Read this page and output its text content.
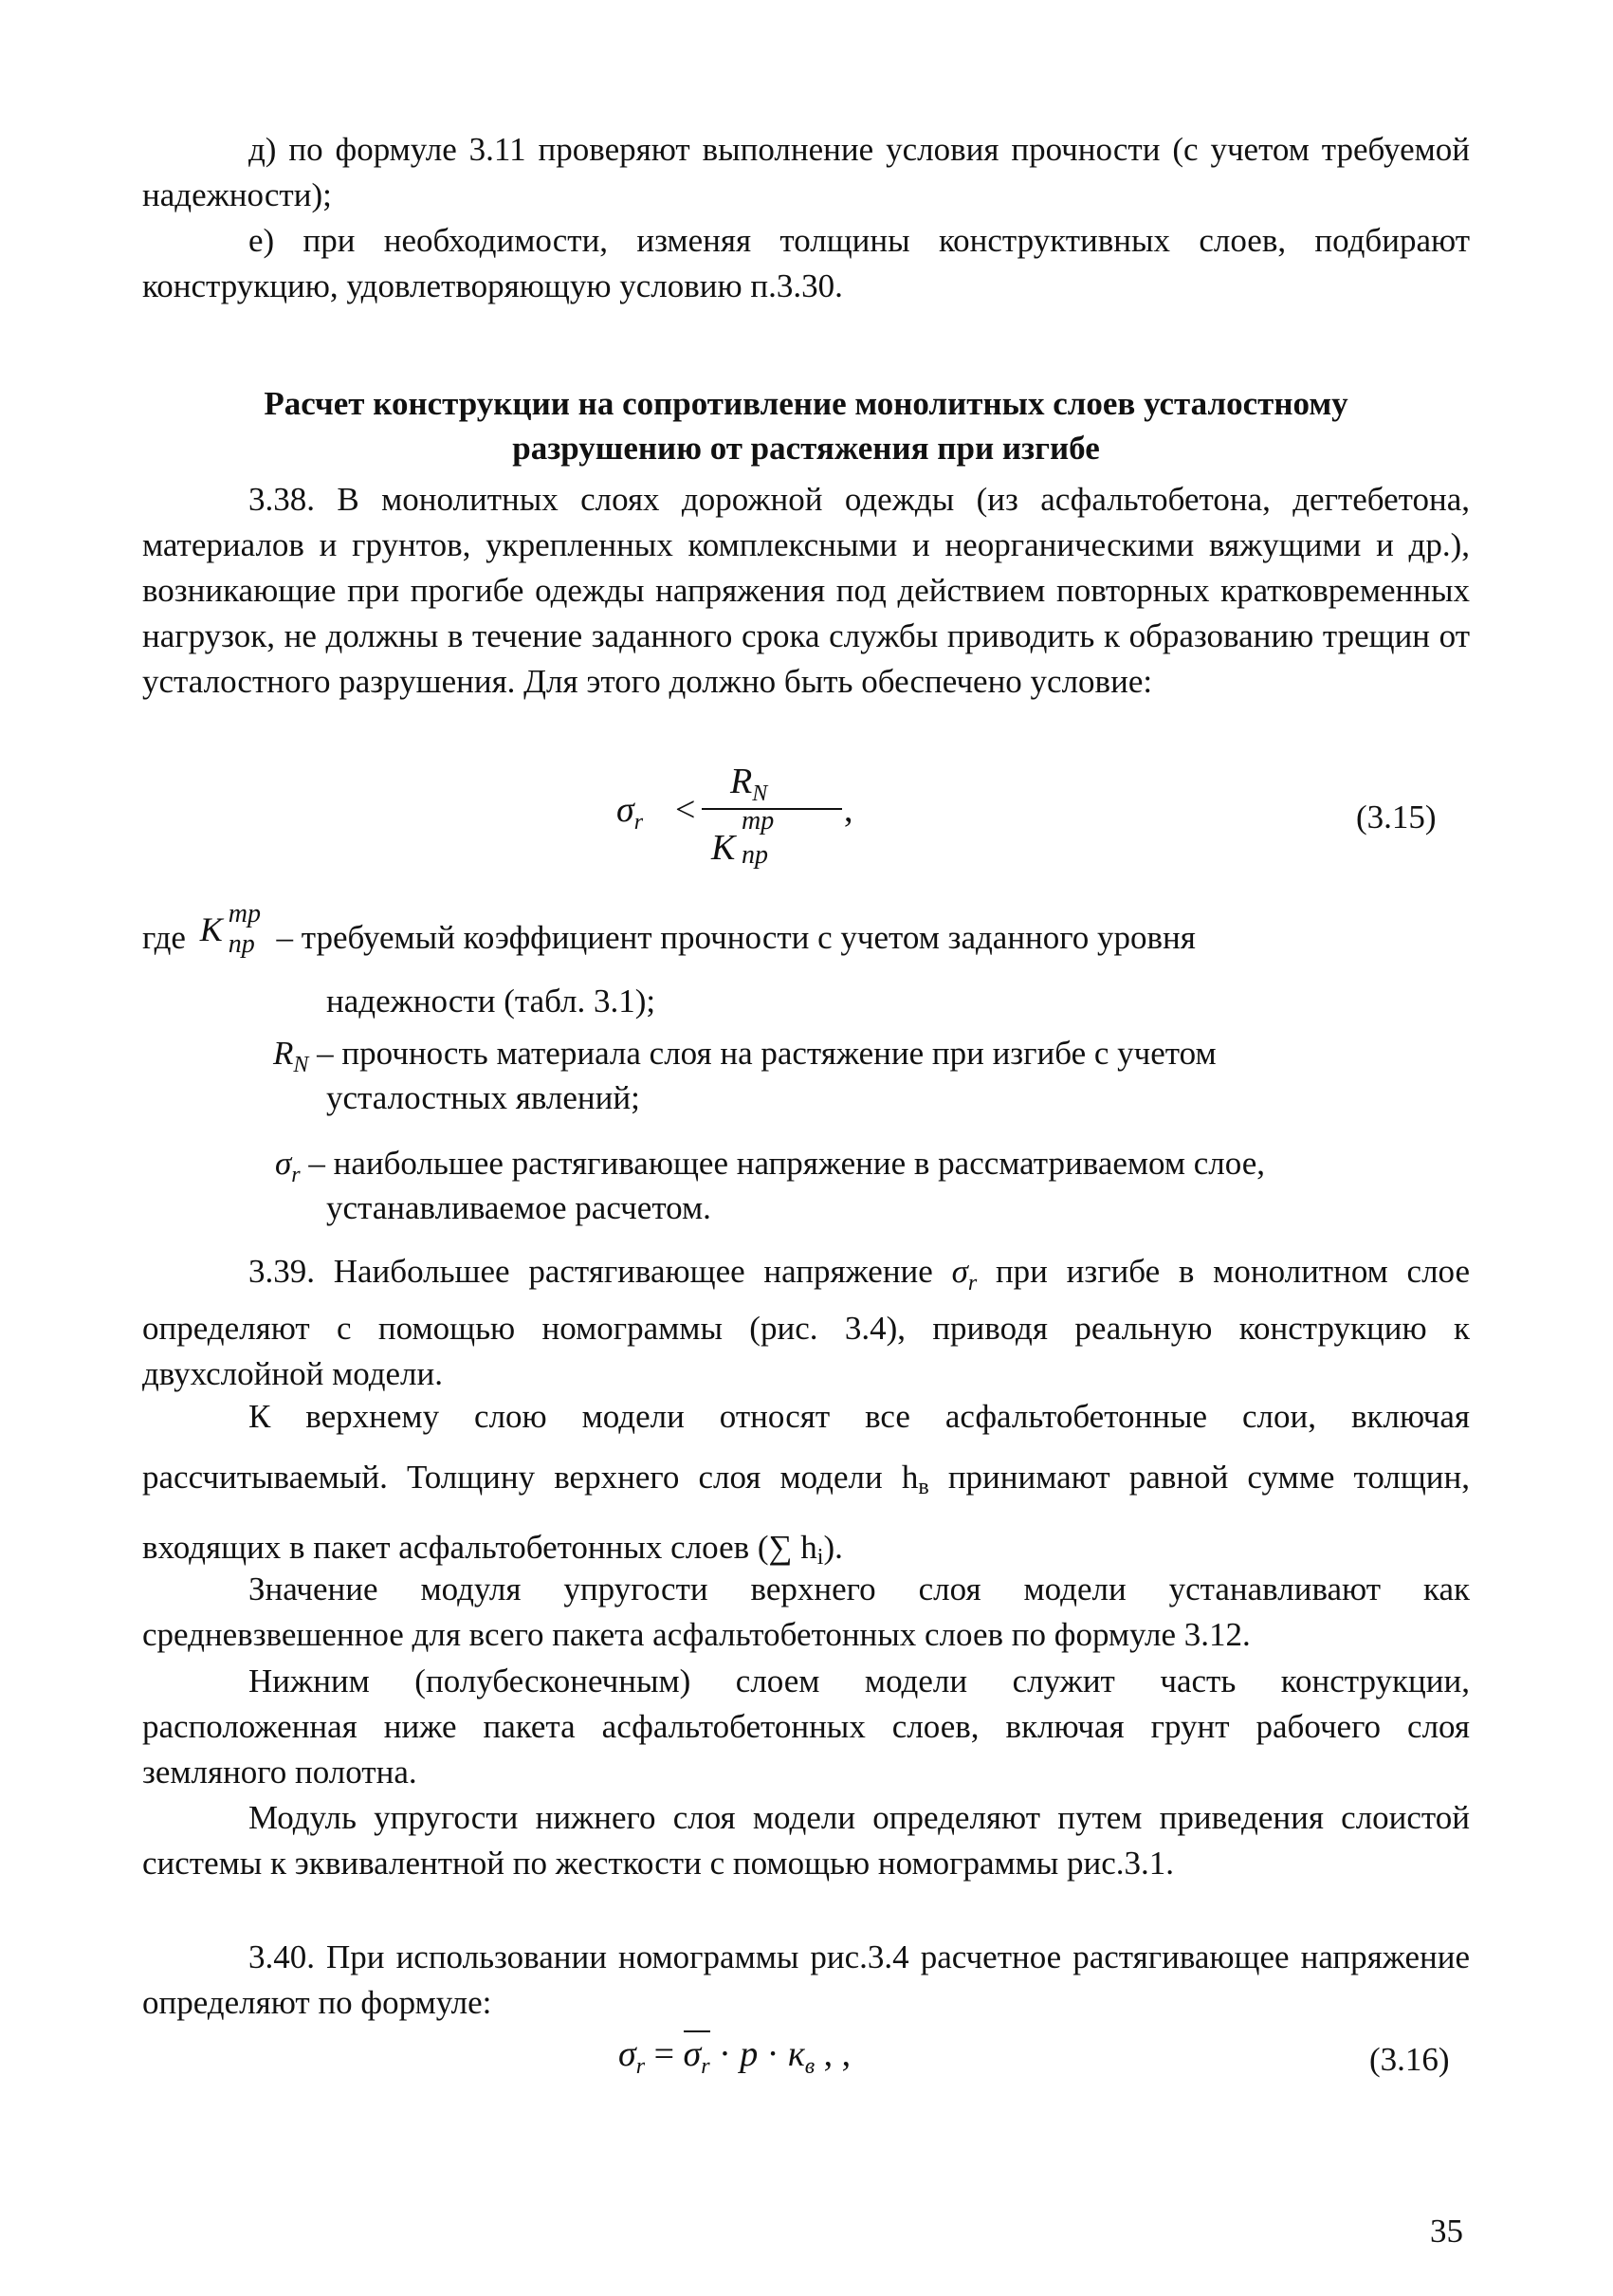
д) по формуле 3.11 проверяют выполнение условия прочности (с учетом требуемой надежности);
е) при необходимости, изменяя толщины конструктивных слоев, подбирают конструкцию, удовлетворяющую условию п.3.30.
Расчет конструкции на сопротивление монолитных слоев усталостному
разрушению от растяжения при изгибе
3.38. В монолитных слоях дорожной одежды (из асфальтобетона, дегтебетона, материалов и грунтов, укрепленных комплексными и неорганическими вяжущими и др.), возникающие при прогибе одежды напряжения под действием повторных кратковременных нагрузок, не должны в течение заданного срока службы приводить к образованию трещин от усталостного разрушения. Для этого должно быть обеспечено условие:
$\sigma_r$ <
$R_N$ ,
K
тр
пр
(3.15)
где K тр
пр – требуемый коэффициент прочности с учетом заданного уровня
надежности (табл. 3.1);
$R_N$ – прочность материала слоя на растяжение при изгибе с учетом
усталостных явлений;
$\sigma_r$ – наибольшее растягивающее напряжение в рассматриваемом слое,
устанавливаемое расчетом.
3.39. Наибольшее растягивающее напряжение $\sigma_r$ при изгибе в монолитном слое определяют с помощью номограммы (рис. 3.4), приводя реальную конструкцию к двухслойной модели.
К верхнему слою модели относят все асфальтобетонные слои, включая рассчитываемый. Толщину верхнего слоя модели hв принимают равной сумме толщин, входящих в пакет асфальтобетонных слоев (∑ hi).
Значение модуля упругости верхнего слоя модели устанавливают как средневзвешенное для всего пакета асфальтобетонных слоев по формуле 3.12.
Нижним (полубесконечным) слоем модели служит часть конструкции, расположенная ниже пакета асфальтобетонных слоев, включая грунт рабочего слоя земляного полотна.
Модуль упругости нижнего слоя модели определяют путем приведения слоистой системы к эквивалентной по жесткости с помощью номограммы рис.3.1.
3.40. При использовании номограммы рис.3.4 расчетное растягивающее напряжение определяют по формуле:
$\sigma_r = \sigma_r \cdot p \cdot к_в$ , ,	(3.16)
35
